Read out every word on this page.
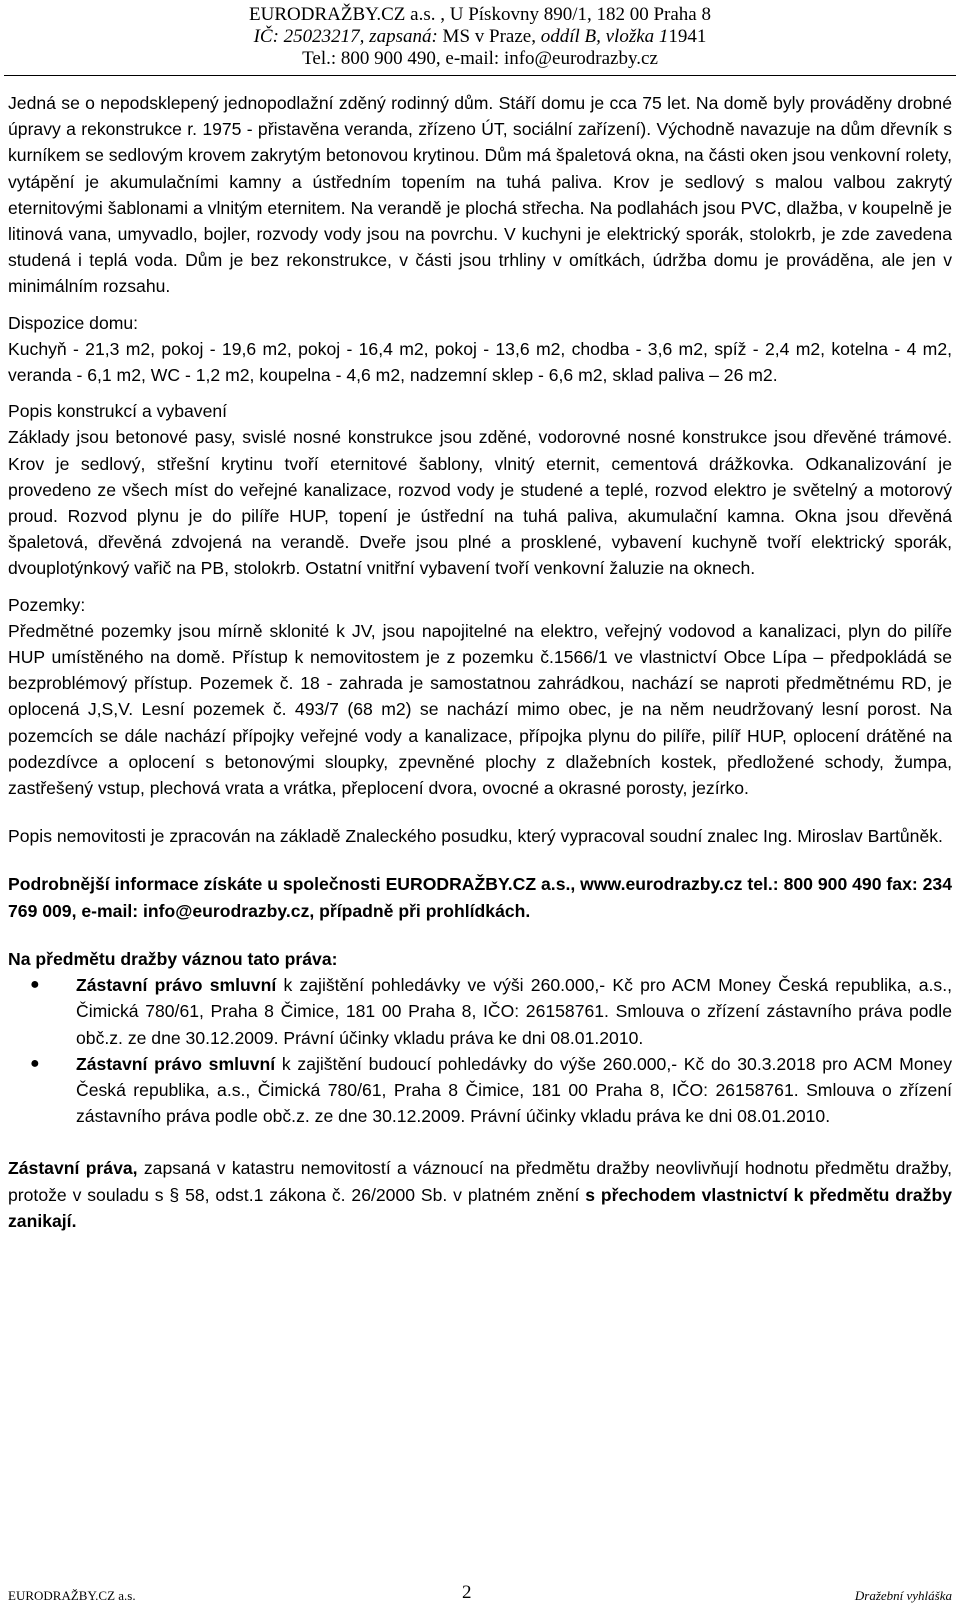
EURODRAŽBY.CZ a.s. , U Pískovny 890/1, 182 00 Praha 8
IČ: 25023217, zapsaná: MS v Praze, oddíl B, vložka 11941
Tel.: 800 900 490, e-mail: info@eurodrazby.cz

Jedná se o nepodsklepený jednopodlažní zděný rodinný dům. Stáří domu je cca 75 let. Na domě byly prováděny drobné úpravy a rekonstrukce r. 1975 - přistavěna veranda, zřízeno ÚT, sociální zařízení). Východně navazuje na dům dřevník s kurníkem se sedlovým krovem zakrytým betonovou krytinou. Dům má špaletová okna, na části oken jsou venkovní rolety, vytápění je akumulačními kamny a ústředním topením na tuhá paliva. Krov je sedlový s malou valbou zakrytý eternitovými šablonami a vlnitým eternitem. Na verandě je plochá střecha. Na podlahách jsou PVC, dlažba, v koupelně je litinová vana, umyvadlo, bojler, rozvody vody jsou na povrchu. V kuchyni je elektrický sporák, stolokrb, je zde zavedena studená i teplá voda. Dům je bez rekonstrukce, v části jsou trhliny v omítkách, údržba domu je prováděna, ale jen v minimálním rozsahu.

Dispozice domu:

Kuchyň - 21,3 m2, pokoj - 19,6 m2, pokoj - 16,4 m2, pokoj - 13,6 m2, chodba - 3,6 m2, spíž - 2,4 m2, kotelna - 4 m2, veranda - 6,1 m2, WC - 1,2 m2, koupelna - 4,6 m2, nadzemní sklep - 6,6 m2, sklad paliva – 26 m2.

Popis konstrukcí a vybavení

Základy jsou betonové pasy, svislé nosné konstrukce jsou zděné, vodorovné nosné konstrukce jsou dřevěné trámové. Krov je sedlový, střešní krytinu tvoří eternitové šablony, vlnitý eternit, cementová drážkovka. Odkanalizování je provedeno ze všech míst do veřejné kanalizace, rozvod vody je studené a teplé, rozvod elektro je světelný a motorový proud. Rozvod plynu je do pilíře HUP, topení je ústřední na tuhá paliva, akumulační kamna. Okna jsou dřevěná špaletová, dřevěná zdvojená na verandě. Dveře jsou plné a prosklené, vybavení kuchyně tvoří elektrický sporák, dvouplotýnkový vařič na PB, stolokrb. Ostatní vnitřní vybavení tvoří venkovní žaluzie na oknech.

Pozemky:

Předmětné pozemky jsou mírně sklonité k JV, jsou napojitelné na elektro, veřejný vodovod a kanalizaci, plyn do pilíře HUP umístěného na domě. Přístup k nemovitostem je z pozemku č.1566/1 ve vlastnictví Obce Lípa – předpokládá se bezproblémový přístup. Pozemek č. 18 - zahrada je samostatnou zahrádkou, nachází se naproti předmětnému RD, je oplocená J,S,V. Lesní pozemek č. 493/7 (68 m2) se nachází mimo obec, je na něm neudržovaný lesní porost. Na pozemcích se dále nachází přípojky veřejné vody a kanalizace, přípojka plynu do pilíře, pilíř HUP, oplocení drátěné na podezdívce a oplocení s betonovými sloupky, zpevněné plochy z dlažebních kostek, předložené schody, žumpa, zastřešený vstup, plechová vrata a vrátka, přeplocení dvora, ovocné a okrasné porosty, jezírko.

Popis nemovitosti je zpracován na základě Znaleckého posudku, který vypracoval soudní znalec Ing. Miroslav Bartůněk.

Podrobnější informace získáte u společnosti EURODRAŽBY.CZ a.s., www.eurodrazby.cz tel.: 800 900 490 fax: 234 769 009, e-mail: info@eurodrazby.cz, případně při prohlídkách.

Na předmětu dražby váznou tato práva:

● Zástavní právo smluvní k zajištění pohledávky ve výši 260.000,- Kč pro ACM Money Česká republika, a.s., Čimická 780/61, Praha 8 Čimice, 181 00 Praha 8, IČO: 26158761. Smlouva o zřízení zástavního práva podle obč.z. ze dne 30.12.2009. Právní účinky vkladu práva ke dni 08.01.2010.
● Zástavní právo smluvní k zajištění budoucí pohledávky do výše 260.000,- Kč do 30.3.2018 pro ACM Money Česká republika, a.s., Čimická 780/61, Praha 8 Čimice, 181 00 Praha 8, IČO: 26158761. Smlouva o zřízení zástavního práva podle obč.z. ze dne 30.12.2009. Právní účinky vkladu práva ke dni 08.01.2010.

Zástavní práva, zapsaná v katastru nemovitostí a váznoucí na předmětu dražby neovlivňují hodnotu předmětu dražby, protože v souladu s § 58, odst.1 zákona č. 26/2000 Sb. v platném znění s přechodem vlastnictví k předmětu dražby zanikají.

EURODRAŽBY.CZ a.s.	2	Dražební vyhláška
